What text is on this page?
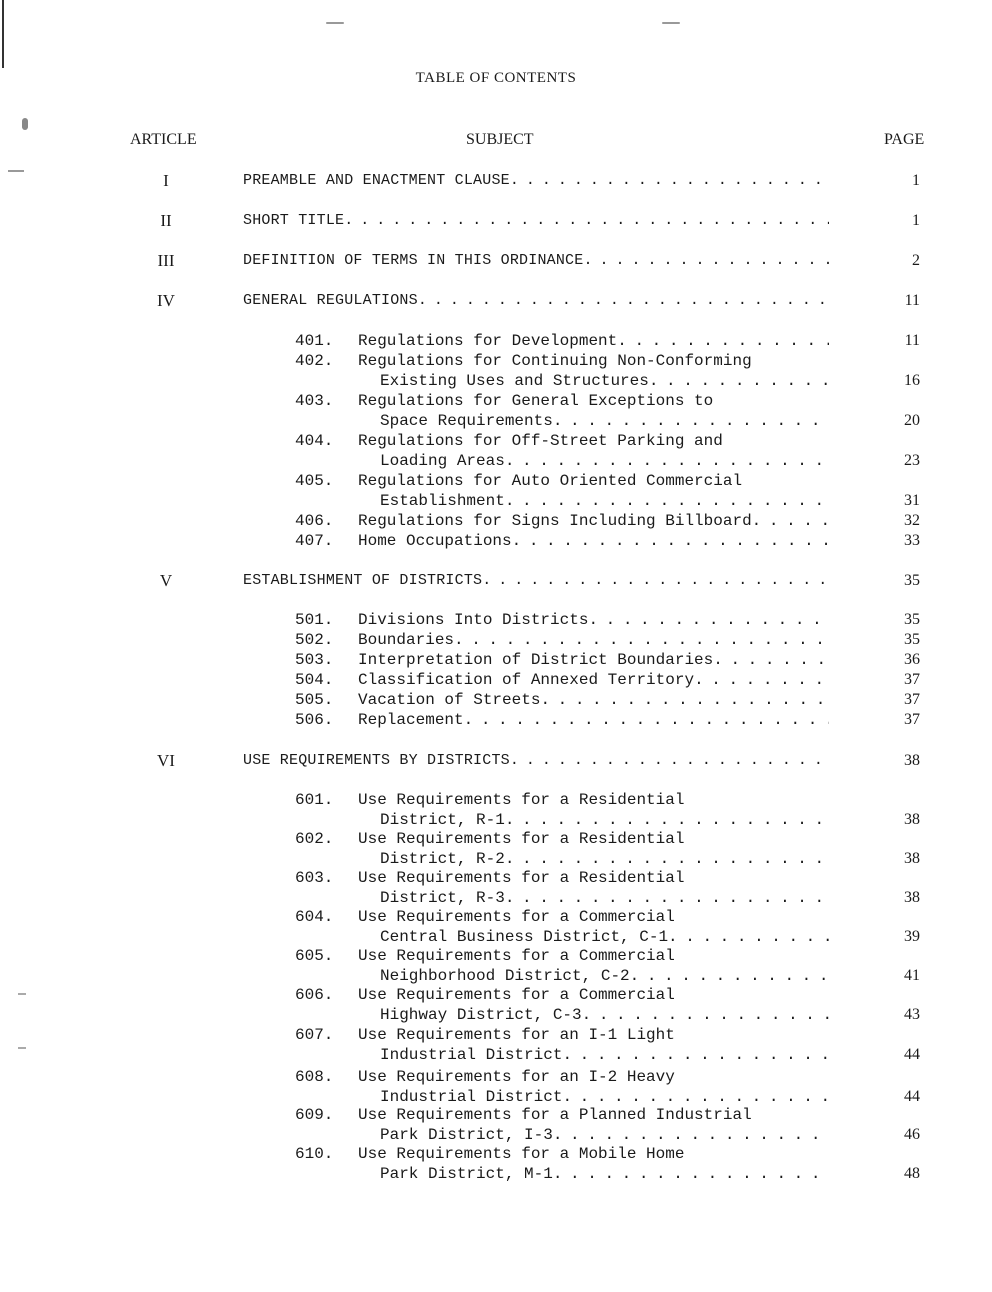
TABLE OF CONTENTS
ARTICLE	SUBJECT	PAGE
I	PREAMBLE AND ENACTMENT CLAUSE . . .	1
II	SHORT TITLE . . .	1
III	DEFINITION OF TERMS IN THIS ORDINANCE . . .	2
IV	GENERAL REGULATIONS . . .	11
401.	Regulations for Development . . .	11
402.	Regulations for Continuing Non-Conforming
Existing Uses and Structures . . .	16
403.	Regulations for General Exceptions to
Space Requirements . . .	20
404.	Regulations for Off-Street Parking and
Loading Areas . . .	23
405.	Regulations for Auto Oriented Commercial
Establishment . . .	31
406.	Regulations for Signs Including Billboard . . .	32
407.	Home Occupations . . .	33
V	ESTABLISHMENT OF DISTRICTS . . .	35
501.	Divisions Into Districts . . .	35
502.	Boundaries . . .	35
503.	Interpretation of District Boundaries . . .	36
504.	Classification of Annexed Territory . . .	37
505.	Vacation of Streets . . .	37
506.	Replacement . . .	37
VI	USE REQUIREMENTS BY DISTRICTS . . .	38
601.	Use Requirements for a Residential
District, R-1 . . .	38
602.	Use Requirements for a Residential
District, R-2 . . .	38
603.	Use Requirements for a Residential
District, R-3 . . .	38
604.	Use Requirements for a Commercial
Central Business District, C-1 . . .	39
605.	Use Requirements for a Commercial
Neighborhood District, C-2 . . .	41
606.	Use Requirements for a Commercial
Highway District, C-3 . . .	43
607.	Use Requirements for an I-1 Light
Industrial District . . .	44
608.	Use Requirements for an I-2 Heavy
Industrial District . . .	44
609.	Use Requirements for a Planned Industrial
Park District, I-3 . . .	46
610.	Use Requirements for a Mobile Home
Park District, M-1 . . .	48
